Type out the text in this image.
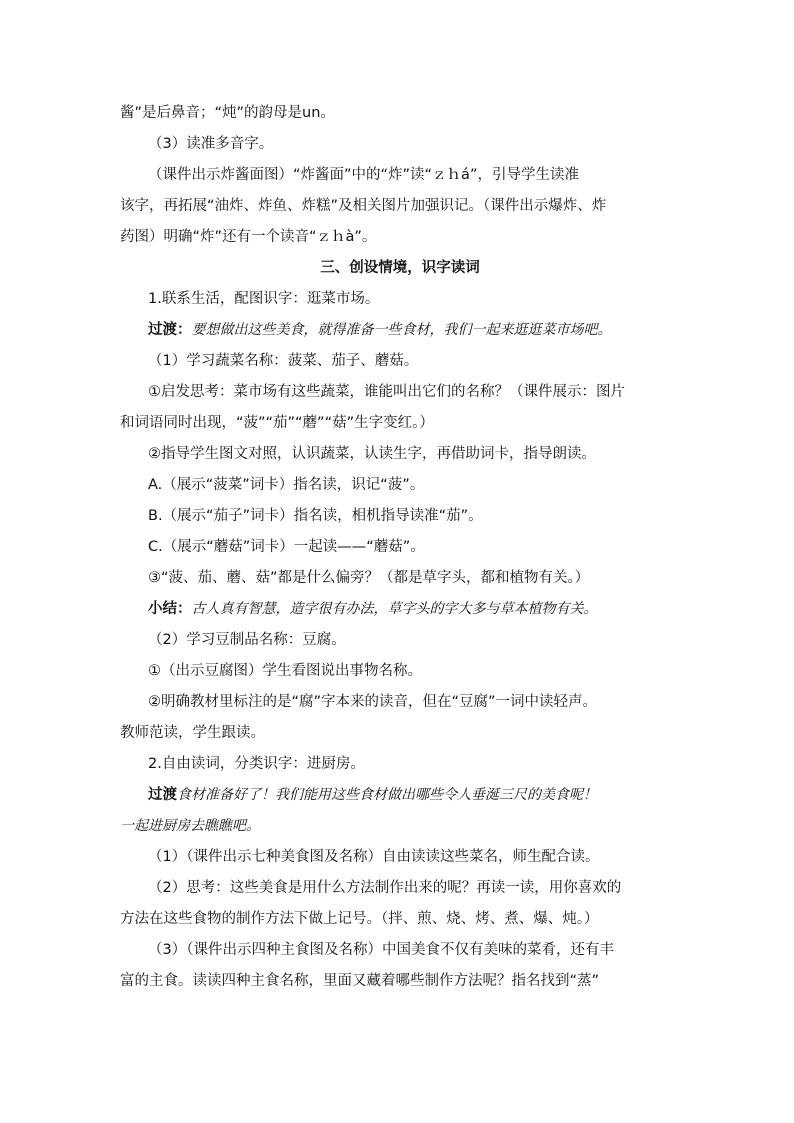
酱”是后鼻音；“炖”的韵母是un。
（3）读准多音字。
（课件出示炸酱面图）“炸酱面”中的“炸”读“ｚｈá”，引导学生读准
该字，再拓展“油炸、炸鱼、炸糕”及相关图片加强识记。（课件出示爆炸、炸
药图）明确“炸”还有一个读音“ｚｈà”。
三、创设情境，识字读词
1.联系生活，配图识字：逛菜市场。
过渡：要想做出这些美食，就得准备一些食材，我们一起来逛逛菜市场吧。
（1）学习蔬菜名称：菠菜、茄子、蘑菇。
①启发思考：菜市场有这些蔬菜，谁能叫出它们的名称？（课件展示：图片
和词语同时出现，“菠”“茄”“蘑”“菇”生字变红。）
②指导学生图文对照，认识蔬菜，认读生字，再借助词卡，指导朗读。
A.（展示“菠菜”词卡）指名读，识记“菠”。
B.（展示“茄子”词卡）指名读，相机指导读准“茄”。
C.（展示“蘑菇”词卡）一起读——“蘑菇”。
③“菠、茄、蘑、菇”都是什么偏旁？（都是草字头，都和植物有关。）
小结：古人真有智慧，造字很有办法，草字头的字大多与草本植物有关。
（2）学习豆制品名称：豆腐。
①（出示豆腐图）学生看图说出事物名称。
②明确教材里标注的是“腐”字本来的读音，但在“豆腐”一词中读轻声。
教师范读，学生跟读。
2.自由读词，分类识字：进厨房。
过渡食材准备好了！我们能用这些食材做出哪些令人垂涎三尺的美食呢！
一起进厨房去瞧瞧吧。
（1）（课件出示七种美食图及名称）自由读读这些菜名，师生配合读。
（2）思考：这些美食是用什么方法制作出来的呢？再读一读，用你喜欢的
方法在这些食物的制作方法下做上记号。（拌、煎、烧、烤、煮、爆、炖。）
（3）（课件出示四种主食图及名称）中国美食不仅有美味的菜肴，还有丰
富的主食。读读四种主食名称，里面又藏着哪些制作方法呢？指名找到“蒸”
